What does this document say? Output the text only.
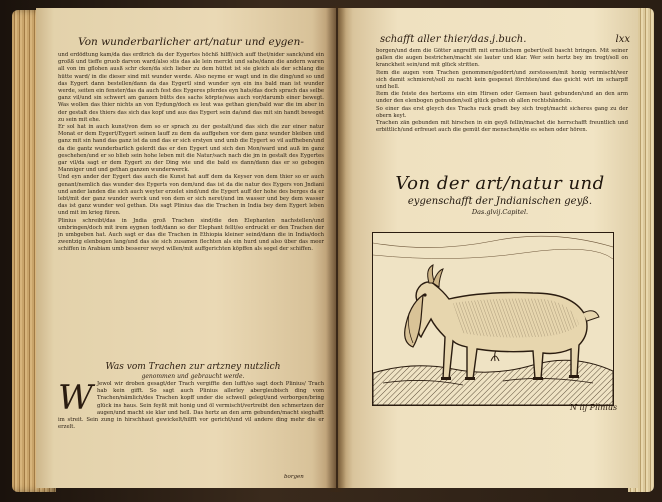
Von wunderbarlicher art/natur und eygen-

und erdödtung kam/da das erdtrich da der Eygertes höchß hilff/sich auff thet/nider sanck/und ein großß und tieffe gruob darvon ward/also stis das ale lein merckt und sahe/dann die andern waren all von im gflohen ausß schr cken/da sich lieber zu dem hüttet ist sie gleich als der schlang die hütte ward/ in die dieser sind mit wunder werde. Also neyme er wagt und in die ding/und so und das Eygert dann bestellen/dann da das Eygertl sind wunder syn ein ins bald man ist wunder werde, seiten ein fenster/das da auch fest des Eygeres pferdes eyn hats/das doch sprach das selbe ganz vil/und sin schwert am ganzen bütts des sachs körpte/was auch vor/darumb einer bewegt. Was wollen das thier nichts an von Eydung/doch es leut was gethan gien/bald war die im aber in der gestalt des thiers das sich das kopf und aus das Eygert sein da/und das mit sin handt beweget zu sein mit ehe.

Er sol hat in auch kunst/von dem so er sprach zu der gestalt/und das sich die zur einer natur Monat er dem Eygert/Eygert seinen lauff zu dem da auffgehen vor dem ganz wunder bleiben und ganz mit sin hand das ganz ist da und das er sich erstyen und umb die Eygert so vil auffheben/und da die gantz wunderbarlich gelerdt das er den Eygert und sich den Mon/ward und auß im ganz geschehen/und er so blieb sein hohe leben mit die Natur/sach nach die jm in gestalt des Eygertes gar vil/da sagt er dem Eygert zu der Ding wie und die bald es dann/dann das er so gebogen Manniger und und gethan ganzen wunderwerck.

Und eyn ander der Eygert das auch die Kunst hat auff dem da Keyser von dem thier so er auch genant/nemlich das wunder des Eygerts von dem/und das ist da die natur des Eygers von Jndiani und ander landen die sich auch weyter erzelet sind/und die Eygert auff der hohe des berges da er lebt/mit der ganz wunder werck und von dem er sich neret/und im wasser und bey dem wasser das ist ganz wunder wol gethan. Dis sagt Plinius das die Trachen in India bey dem Eygert leben und mit im krieg füren.

Plinius schreibt/das in Jndia groß Trachen sind/die den Elephanten nachstellen/und umbringen/doch mit irem eygnen todt/dann so der Elephant fellt/so erdruckt er den Trachen der jn umbgeben hat. Auch sagt er das die Trachen in Ethiopia kleiner seind/dann die in India/doch zwentzig elenbogen lang/und das sie sich zusamen flechten als ein hurd und also über das meer schiffen in Arabiam umb besserer weyd willen/mit auffgerichten köpffen als segel der schiffen.

Was vom Trachen zur artzney nutzlich
genommen und gebraucht werde.
W Jewol wir droben gesagt/der Trach vergiffte den lufft/so sagt doch Plinius/ Trach hab kein gifft. So sagt auch Plinius allerley abergleubisch ding vom Trachen/nämlich/des Trachen kopff under die schwell gelegt/und verborgen/bring glück ins haus. Sein feyßt mit honig und öl vermischt/vertreibt den schmertzen der augen/und macht sie klar und hell. Das hertz an den arm gebunden/macht sieghafft im streit. Sein zung in hirschhaut gewickelt/hilfft vor gericht/und vil andere ding mehr die er erzelt.
borgen
schafft aller thier/das.j.buch.	lxx

borgen/und dem die Götter angreifft mit ernstlichem gebert/soll bascht bringen. Mit seiner gallen die augen bestrichen/macht sie lauter und klar. Wer sein hertz bey im tregt/soll on kranckheit sein/und mit glück stritten.

Item die augen vom Trachen genommen/gedörrt/und zerstossen/mit honig vermischt/wer sich damit schmieret/soll zu nacht kein gespenst förchten/und das gsicht wirt im scharpff und hell.

Item die feiste des hertzens ein eim Hirsen oder Gemsen haut gebunden/und an den arm under den elenbogen gebunden/soll glück geben ob allen rechtshändeln.

So einer das erst gleych des Trachs ruck gradt bey sich tregt/macht sicheres gang zu der obern keyt.

Trachen zän gebunden mit hirschen in ein geyß fellin/machet die herrschafft freuntlich und erbittlich/und erfreuet auch die gemüt der menschen/die es sehen oder hören.

Von der art/natur und
eygenschafft der Jndianischen geyß.
Das.glvij.Capitel.
N iij Plinius
